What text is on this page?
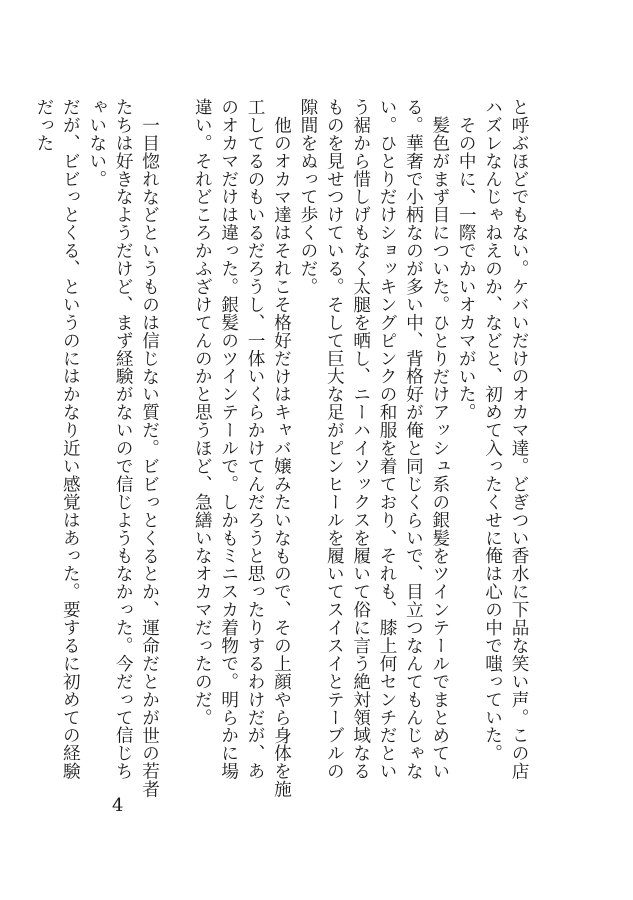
と呼ぶほどでもない。ケバいだけのオカマ達。どぎつい香水に下品な笑い声。この店ハズレなんじゃねえのか、などと、初めて入ったくせに俺は心の中で嗤っていた。

その中に、一際でかいオカマがいた。

髪色がまず目についた。ひとりだけアッシュ系の銀髪をツインテールでまとめている。華奢で小柄なのが多い中、背格好が俺と同じくらいで、目立つなんてもんじゃない。ひとりだけショッキングピンクの和服を着ており、それも、膝上何センチだという裾から惜しげもなく太腿を晒し、ニーハイソックスを履いて俗に言う絶対領域なるものを見せつけている。そして巨大な足がピンヒールを履いてスイスイとテーブルの隙間をぬって歩くのだ。

他のオカマ達はそれこそ格好だけはキャバ嬢みたいなもので、その上顔やら身体を施工してるのもいるだろうし、一体いくらかけてんだろうと思ったりするわけだが、あのオカマだけは違った。銀髪のツインテールで。しかもミニスカ着物で。明らかに場違い。それどころかふざけてんのかと思うほど、急繕いなオカマだったのだ。

一目惚れなどというものは信じない質だ。ビビっとくるとか、運命だとかが世の若者たちは好きなようだけど、まず経験がないので信じようもなかった。今だって信じちゃいない。

だが、ビビっとくる、というのにはかなり近い感覚はあった。要するに初めての経験だった

4
